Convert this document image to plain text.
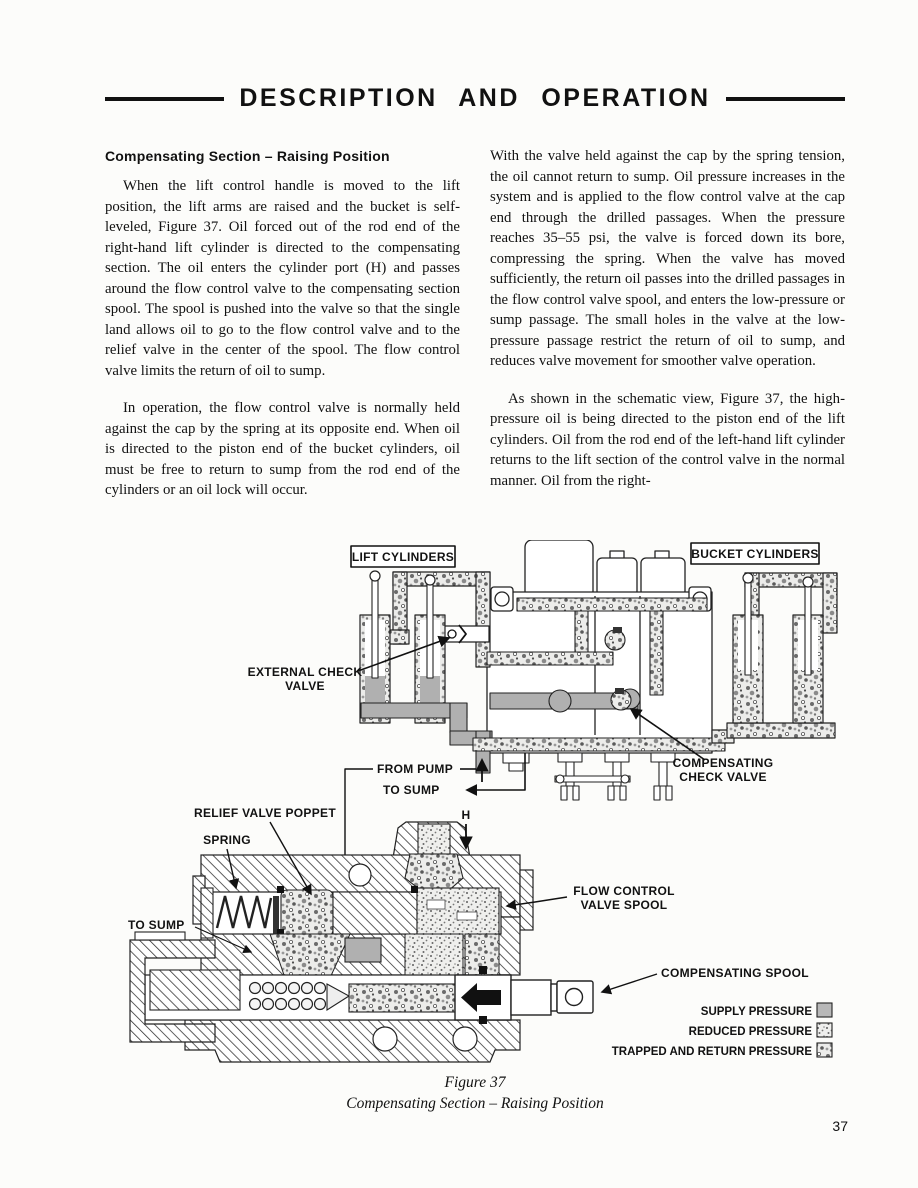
DESCRIPTION AND OPERATION
Compensating Section – Raising Position

When the lift control handle is moved to the lift position, the lift arms are raised and the bucket is self-leveled, Figure 37. Oil forced out of the rod end of the right-hand lift cylinder is directed to the compensating section. The oil enters the cylinder port (H) and passes around the flow control valve to the compensating section spool. The spool is pushed into the valve so that the single land allows oil to go to the flow control valve and to the relief valve in the center of the spool. The flow control valve limits the return of oil to sump.

In operation, the flow control valve is normally held against the cap by the spring at its opposite end. When oil is directed to the piston end of the bucket cylinders, oil must be free to return to sump from the rod end of the cylinders or an oil lock will occur.

With the valve held against the cap by the spring tension, the oil cannot return to sump. Oil pressure increases in the system and is applied to the flow control valve at the cap end through the drilled passages. When the pressure reaches 35–55 psi, the valve is forced down its bore, compressing the spring. When the valve has moved sufficiently, the return oil passes into the drilled passages in the flow control valve spool, and enters the low-pressure or sump passage. The small holes in the valve at the low-pressure passage restrict the return of oil to sump, and reduces valve movement for smoother valve operation.

As shown in the schematic view, Figure 37, the high-pressure oil is being directed to the piston end of the lift cylinders. Oil from the rod end of the left-hand lift cylinder returns to the lift section of the control valve in the normal manner. Oil from the right-

LIFT CYLINDERS	BUCKET CYLINDERS
EXTERNAL CHECK
VALVE
COMPENSATING
CHECK VALVE
FROM PUMP
TO SUMP
RELIEF VALVE POPPET
SPRING
H
TO SUMP
FLOW CONTROL
VALVE SPOOL
COMPENSATING SPOOL
SUPPLY PRESSURE
REDUCED PRESSURE
TRAPPED AND RETURN PRESSURE
Figure 37
Compensating Section – Raising Position
37
